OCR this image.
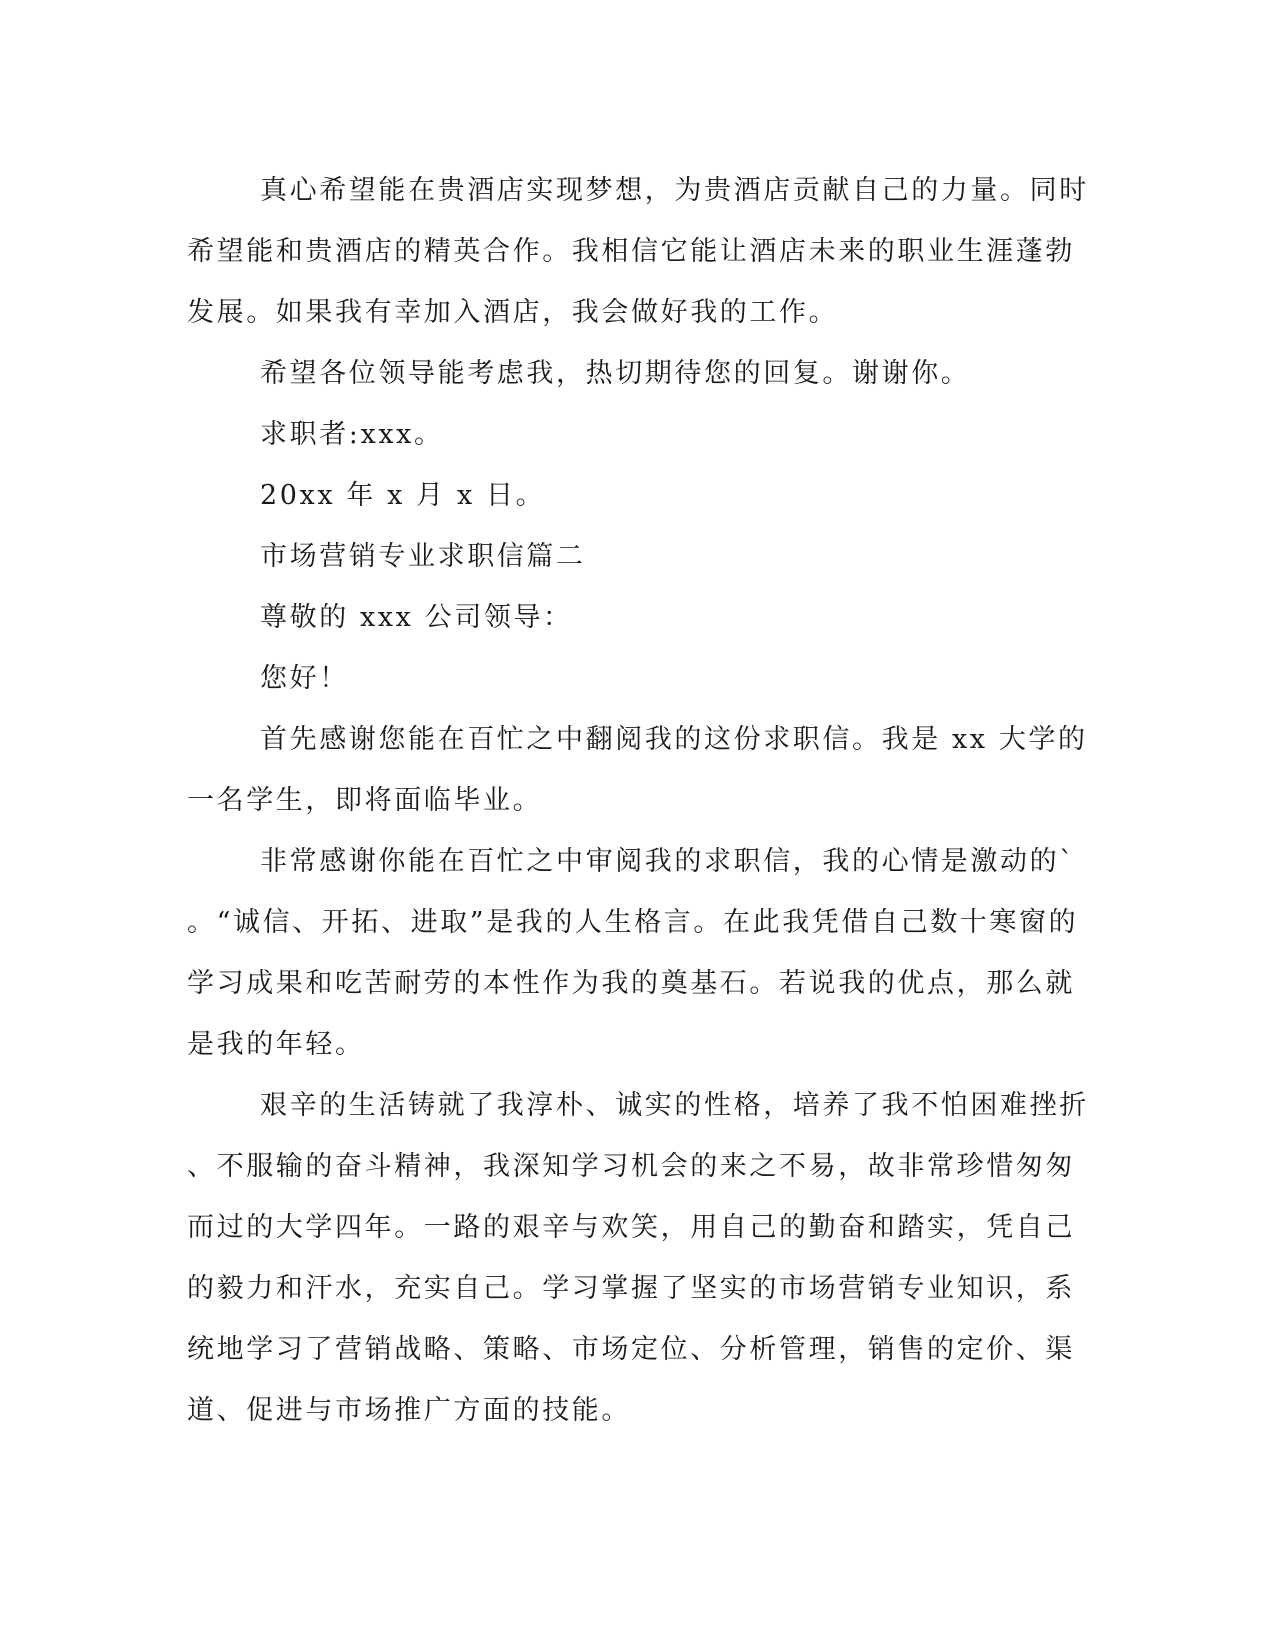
真心希望能在贵酒店实现梦想，为贵酒店贡献自己的力量。同时
希望能和贵酒店的精英合作。我相信它能让酒店未来的职业生涯蓬勃
发展。如果我有幸加入酒店，我会做好我的工作。
希望各位领导能考虑我，热切期待您的回复。谢谢你。
求职者:xxx。
20xx 年 x 月 x 日。
市场营销专业求职信篇二
尊敬的 xxx 公司领导：
您好！
首先感谢您能在百忙之中翻阅我的这份求职信。我是 xx 大学的
一名学生，即将面临毕业。
非常感谢你能在百忙之中审阅我的求职信，我的心情是激动的`
。“诚信、开拓、进取”是我的人生格言。在此我凭借自己数十寒窗的
学习成果和吃苦耐劳的本性作为我的奠基石。若说我的优点，那么就
是我的年轻。
艰辛的生活铸就了我淳朴、诚实的性格，培养了我不怕困难挫折
、不服输的奋斗精神，我深知学习机会的来之不易，故非常珍惜匆匆
而过的大学四年。一路的艰辛与欢笑，用自己的勤奋和踏实，凭自己
的毅力和汗水，充实自己。学习掌握了坚实的市场营销专业知识，系
统地学习了营销战略、策略、市场定位、分析管理，销售的定价、渠
道、促进与市场推广方面的技能。
